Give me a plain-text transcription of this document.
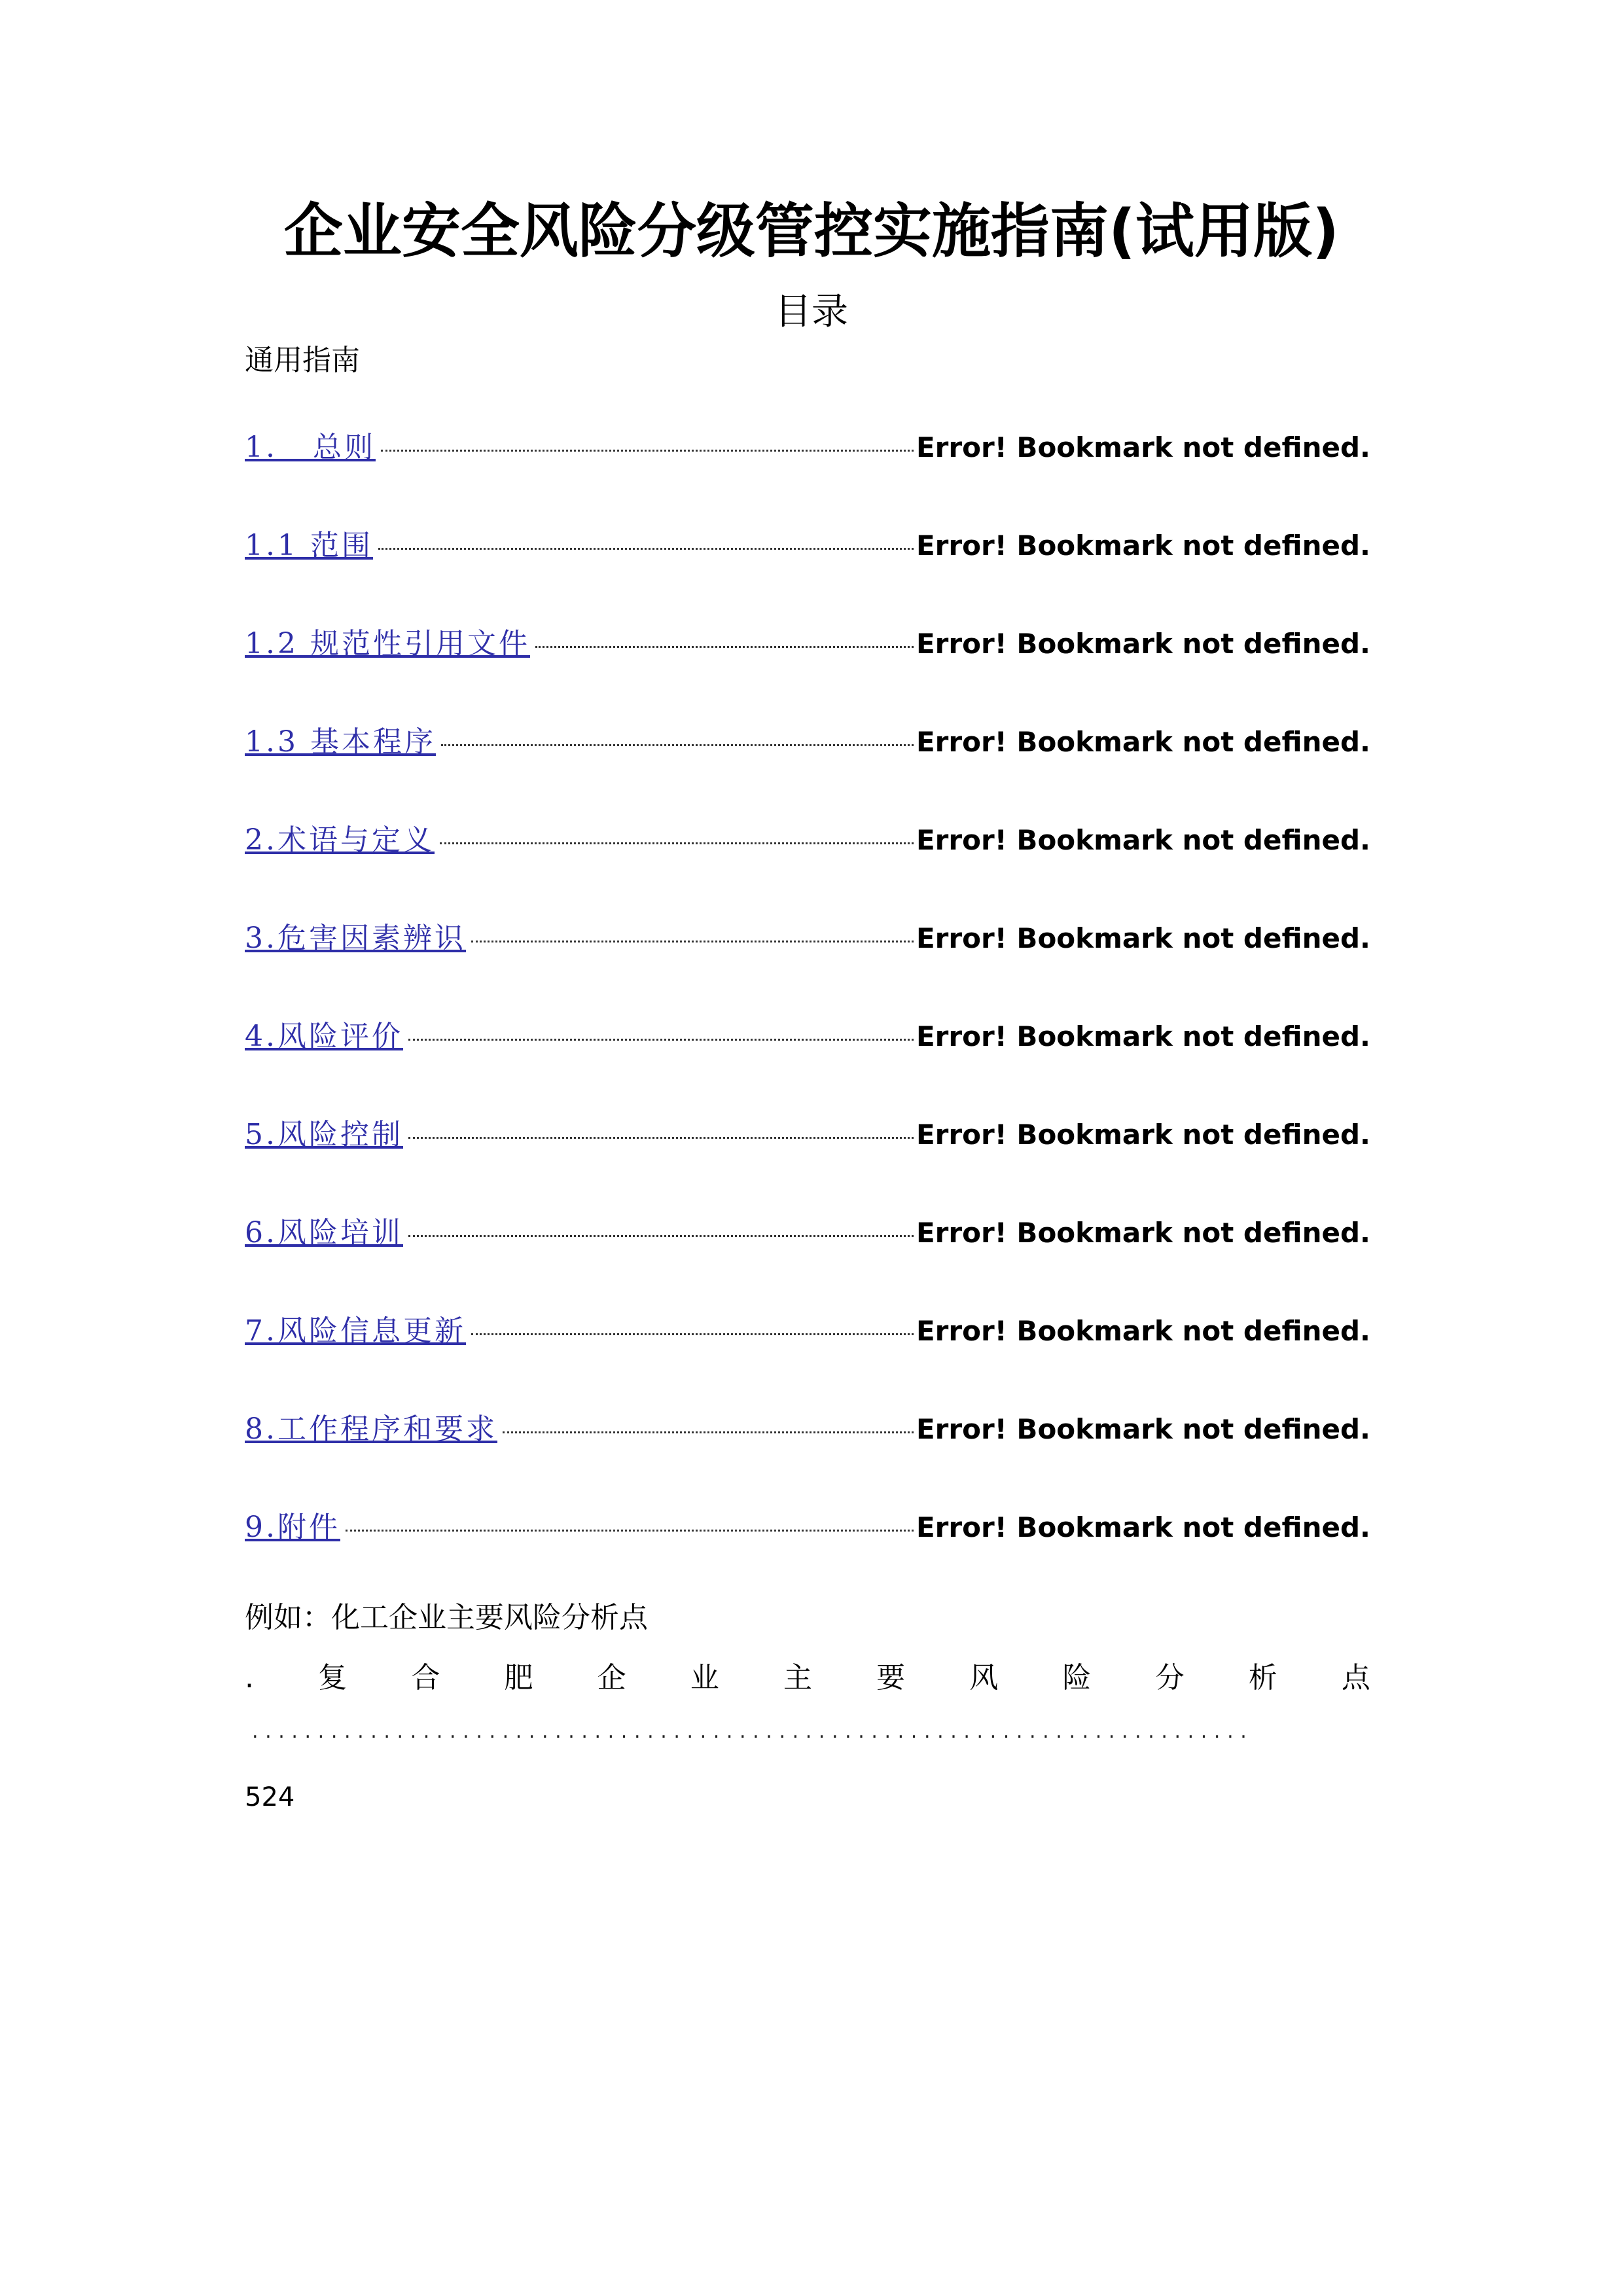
企业安全风险分级管控实施指南(试用版)
目录
通用指南
1.   总则	Error! Bookmark not defined.
1.1 范围	Error! Bookmark not defined.
1.2 规范性引用文件	Error! Bookmark not defined.
1.3 基本程序	Error! Bookmark not defined.
2.术语与定义	Error! Bookmark not defined.
3.危害因素辨识	Error! Bookmark not defined.
4.风险评价	Error! Bookmark not defined.
5.风险控制	Error! Bookmark not defined.
6.风险培训	Error! Bookmark not defined.
7.风险信息更新	Error! Bookmark not defined.
8.工作程序和要求	Error! Bookmark not defined.
9.附件	Error! Bookmark not defined.
例如：化工企业主要风险分析点
. 复 合 肥 企 业 主 要 风 险 分 析 点
............................................................................
524
